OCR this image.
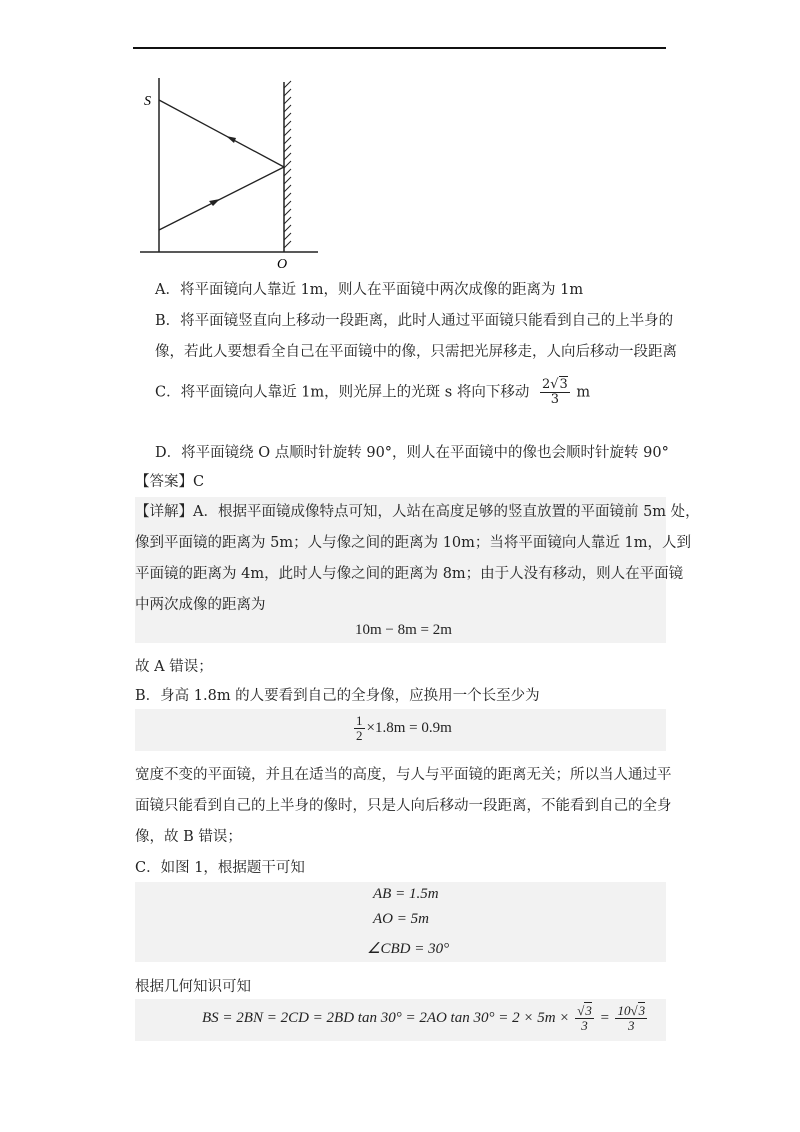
S
O
A．将平面镜向人靠近 1m，则人在平面镜中两次成像的距离为 1m
B．将平面镜竖直向上移动一段距离，此时人通过平面镜只能看到自己的上半身的
像，若此人要想看全自己在平面镜中的像，只需把光屏移走，人向后移动一段距离
C．将平面镜向人靠近 1m，则光屏上的光斑 s 将向下移动 $\frac{2√3}{3}$ m
D．将平面镜绕 O 点顺时针旋转 90°，则人在平面镜中的像也会顺时针旋转 90°
【答案】C
【详解】A．根据平面镜成像特点可知，人站在高度足够的竖直放置的平面镜前 5m 处，
像到平面镜的距离为 5m；人与像之间的距离为 10m；当将平面镜向人靠近 1m，人到
平面镜的距离为 4m，此时人与像之间的距离为 8m；由于人没有移动，则人在平面镜
中两次成像的距离为
10m − 8m = 2m
故 A 错误；
B．身高 1.8m 的人要看到自己的全身像，应换用一个长至少为
$\frac{1}{2} \times 1.8m = 0.9m$
宽度不变的平面镜，并且在适当的高度，与人与平面镜的距离无关；所以当人通过平
面镜只能看到自己的上半身的像时，只是人向后移动一段距离，不能看到自己的全身
像，故 B 错误；
C．如图 1，根据题干可知
AB = 1.5m
AO = 5m
∠CBD = 30°
根据几何知识可知
BS = 2BN = 2CD = 2BD tan 30° = 2AO $\tan 30^\circ = 2 \times 5m \times \frac{√3}{3} = \frac{10√3}{3}$
